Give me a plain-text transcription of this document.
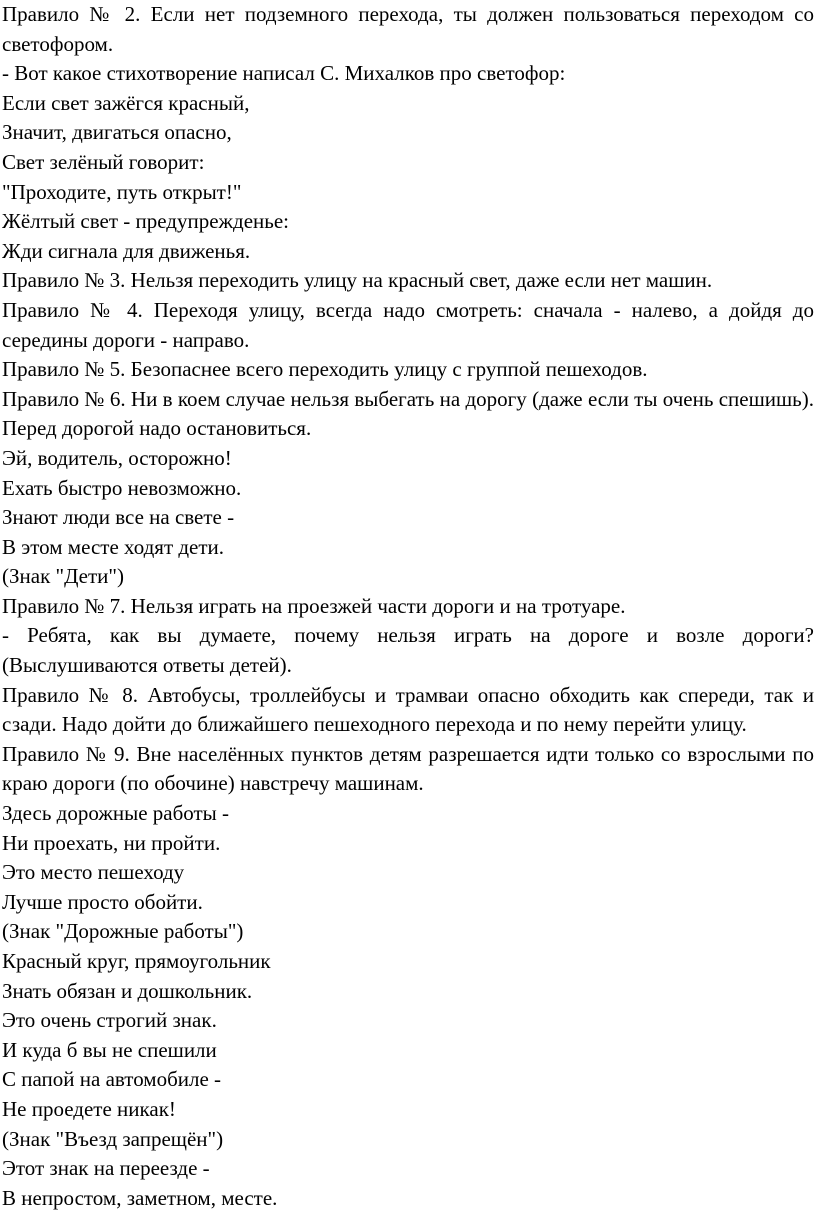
Правило № 2. Если нет подземного перехода, ты должен пользоваться переходом со светофором.

- Вот какое стихотворение написал С. Михалков про светофор:

Если свет зажёгся красный,

Значит, двигаться опасно,

Свет зелёный говорит:

"Проходите, путь открыт!"

Жёлтый свет - предупрежденье:

Жди сигнала для движенья.

Правило № 3. Нельзя переходить улицу на красный свет, даже если нет машин.

Правило № 4. Переходя улицу, всегда надо смотреть: сначала - налево, а дойдя до середины дороги - направо.

Правило № 5. Безопаснее всего переходить улицу с группой пешеходов.

Правило № 6. Ни в коем случае нельзя выбегать на дорогу (даже если ты очень спешишь). Перед дорогой надо остановиться.

Эй, водитель, осторожно!

Ехать быстро невозможно.

Знают люди все на свете -

В этом месте ходят дети.

(Знак "Дети")

Правило № 7. Нельзя играть на проезжей части дороги и на тротуаре.

- Ребята, как вы думаете, почему нельзя играть на дороге и возле дороги? (Выслушиваются ответы детей).

Правило № 8. Автобусы, троллейбусы и трамваи опасно обходить как спереди, так и сзади. Надо дойти до ближайшего пешеходного перехода и по нему перейти улицу.

Правило № 9. Вне населённых пунктов детям разрешается идти только со взрослыми по краю дороги (по обочине) навстречу машинам.

Здесь дорожные работы -

Ни проехать, ни пройти.

Это место пешеходу

Лучше просто обойти.

(Знак "Дорожные работы")

Красный круг, прямоугольник

Знать обязан и дошкольник.

Это очень строгий знак.

И куда б вы не спешили

С папой на автомобиле -

Не проедете никак!

(Знак "Въезд запрещён")

Этот знак на переезде -

В непростом, заметном, месте.
